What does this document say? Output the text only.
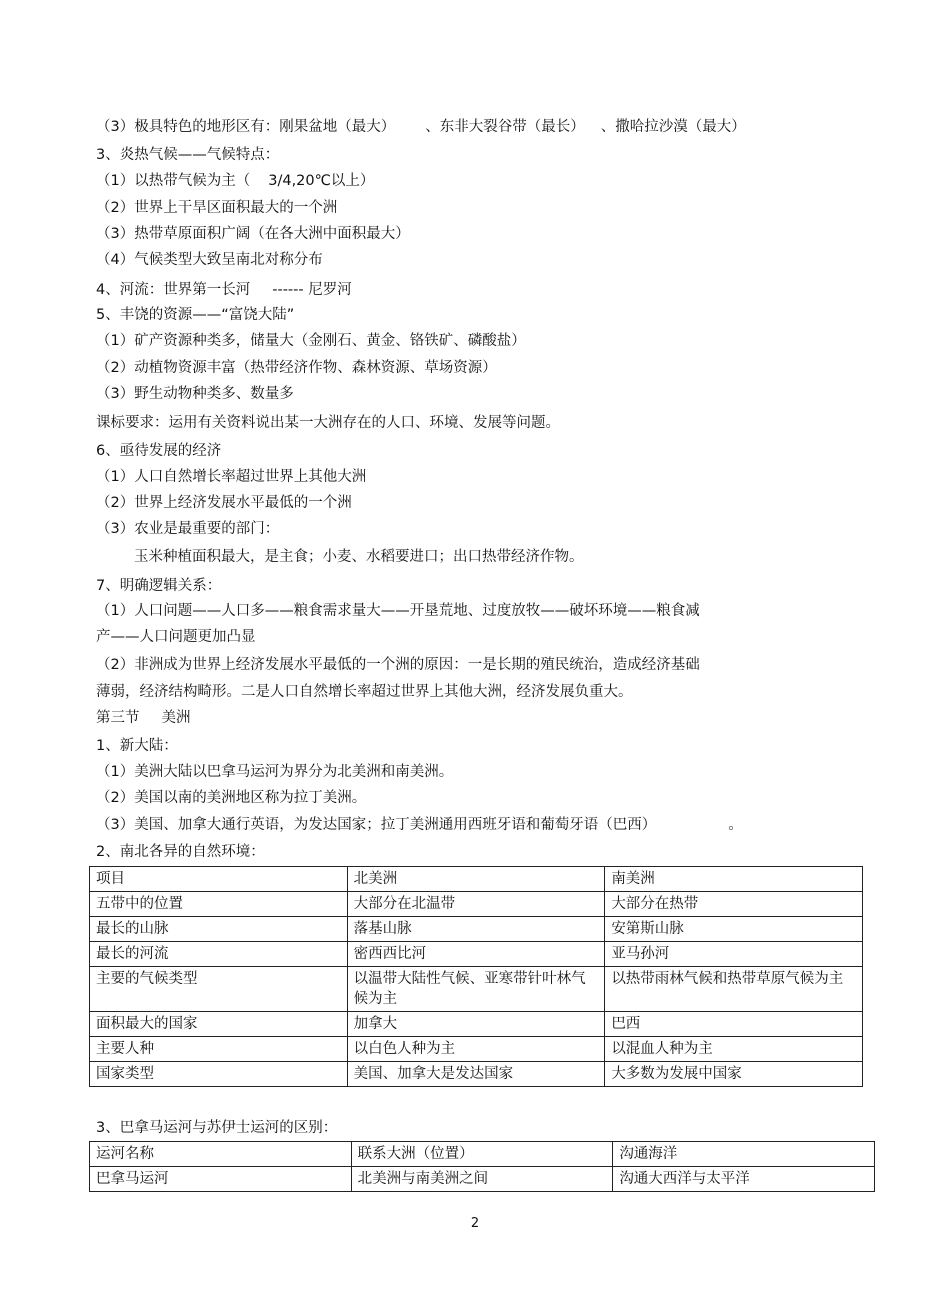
（3）极具特色的地形区有：刚果盆地（最大） 、东非大裂谷带（最长） 、撒哈拉沙漠（最大）
3、炎热气候——气候特点：
（1）以热带气候为主（ 3/4,20℃以上）
（2）世界上干旱区面积最大的一个洲
（3）热带草原面积广阔（在各大洲中面积最大）
（4）气候类型大致呈南北对称分布
4、河流：世界第一长河 ------ 尼罗河
5、丰饶的资源——“富饶大陆”
（1）矿产资源种类多，储量大（金刚石、黄金、铬铁矿、磷酸盐）
（2）动植物资源丰富（热带经济作物、森林资源、草场资源）
（3）野生动物种类多、数量多
课标要求：运用有关资料说出某一大洲存在的人口、环境、发展等问题。
6、亟待发展的经济
（1）人口自然增长率超过世界上其他大洲
（2）世界上经济发展水平最低的一个洲
（3）农业是最重要的部门：
玉米种植面积最大，是主食；小麦、水稻要进口；出口热带经济作物。
7、明确逻辑关系：
（1）人口问题——人口多——粮食需求量大——开垦荒地、过度放牧——破坏环境——粮食减
产——人口问题更加凸显
（2）非洲成为世界上经济发展水平最低的一个洲的原因：一是长期的殖民统治，造成经济基础
薄弱，经济结构畸形。二是人口自然增长率超过世界上其他大洲，经济发展负重大。
第三节 美洲
1、新大陆：
（1）美洲大陆以巴拿马运河为界分为北美洲和南美洲。
（2）美国以南的美洲地区称为拉丁美洲。
（3）美国、加拿大通行英语，为发达国家；拉丁美洲通用西班牙语和葡萄牙语（巴西）	。
2、南北各异的自然环境：
项目	北美洲	南美洲
五带中的位置	大部分在北温带	大部分在热带
最长的山脉	落基山脉	安第斯山脉
最长的河流	密西西比河	亚马孙河
主要的气候类型	以温带大陆性气候、亚寒带针叶林气候为主	以热带雨林气候和热带草原气候为主
面积最大的国家	加拿大	巴西
主要人种	以白色人种为主	以混血人种为主
国家类型	美国、加拿大是发达国家	大多数为发展中国家
3、巴拿马运河与苏伊士运河的区别：
运河名称	联系大洲（位置）	沟通海洋
巴拿马运河	北美洲与南美洲之间	沟通大西洋与太平洋
2
